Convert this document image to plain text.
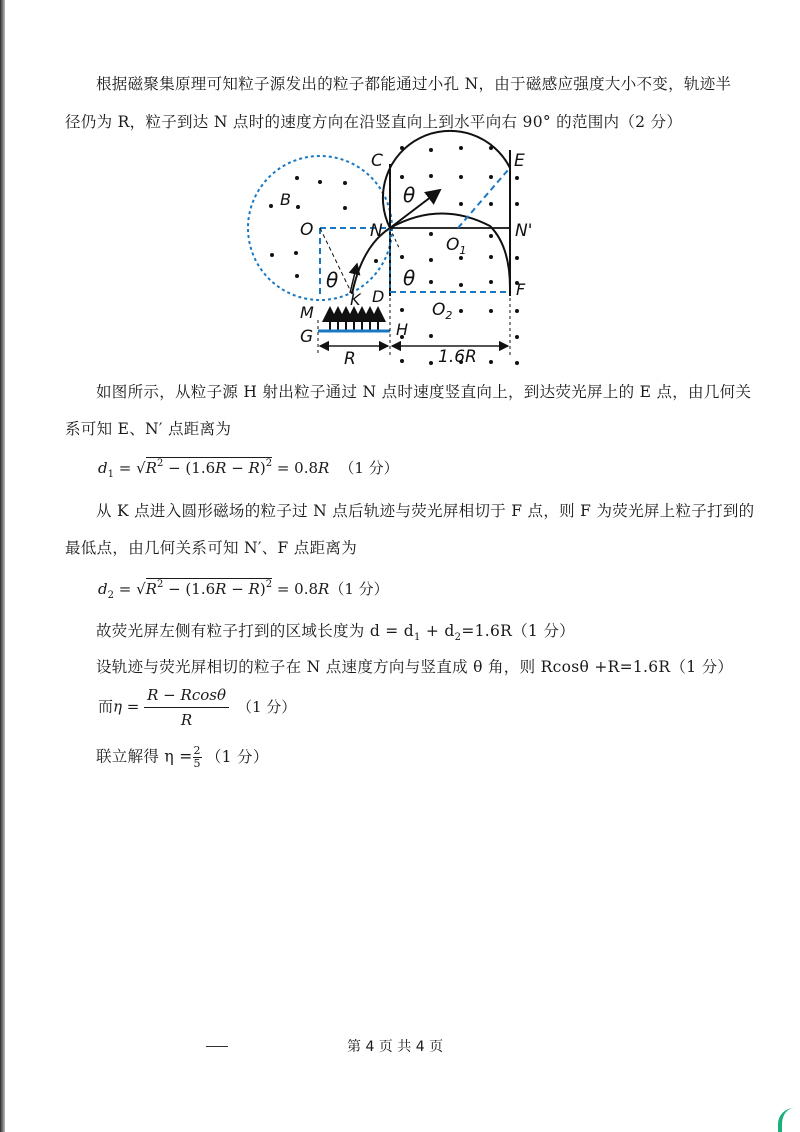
根据磁聚集原理可知粒子源发出的粒子都能通过小孔 N，由于磁感应强度大小不变，轨迹半
径仍为 R，粒子到达 N 点时的速度方向在沿竖直向上到水平向右 90° 的范围内（2 分）
C	E
θ
B
O	N
$O_1$
N'
θ	θ
K D	F
M	$O_2$
G	H
R	1.6R
如图所示，从粒子源 H 射出粒子通过 N 点时速度竖直向上，到达荧光屏上的 E 点，由几何关
系可知 E、N′ 点距离为
$d_1 = √R^2 - (1.6R - R)^2 = 0.8R$ （1 分）
从 K 点进入圆形磁场的粒子过 N 点后轨迹与荧光屏相切于 F 点，则 F 为荧光屏上粒子打到的
最低点，由几何关系可知 N′、F 点距离为
$d_2 = √R^2 - (1.6R - R)^2 = 0.8R(1$ 分）
故荧光屏左侧有粒子打到的区域长度为 $d = d_1 + d_2=1.6R(1$ 分）
设轨迹与荧光屏相切的粒子在 N 点速度方向与竖直成 θ 角，则 Rcosθ +R=1.6R（1 分）
而$\eta = \frac{R - Rcos\theta}{R} (1$ 分）
联立解得 $\eta = \frac{2}{5} (1$ 分）
第 4 页 共 4 页
